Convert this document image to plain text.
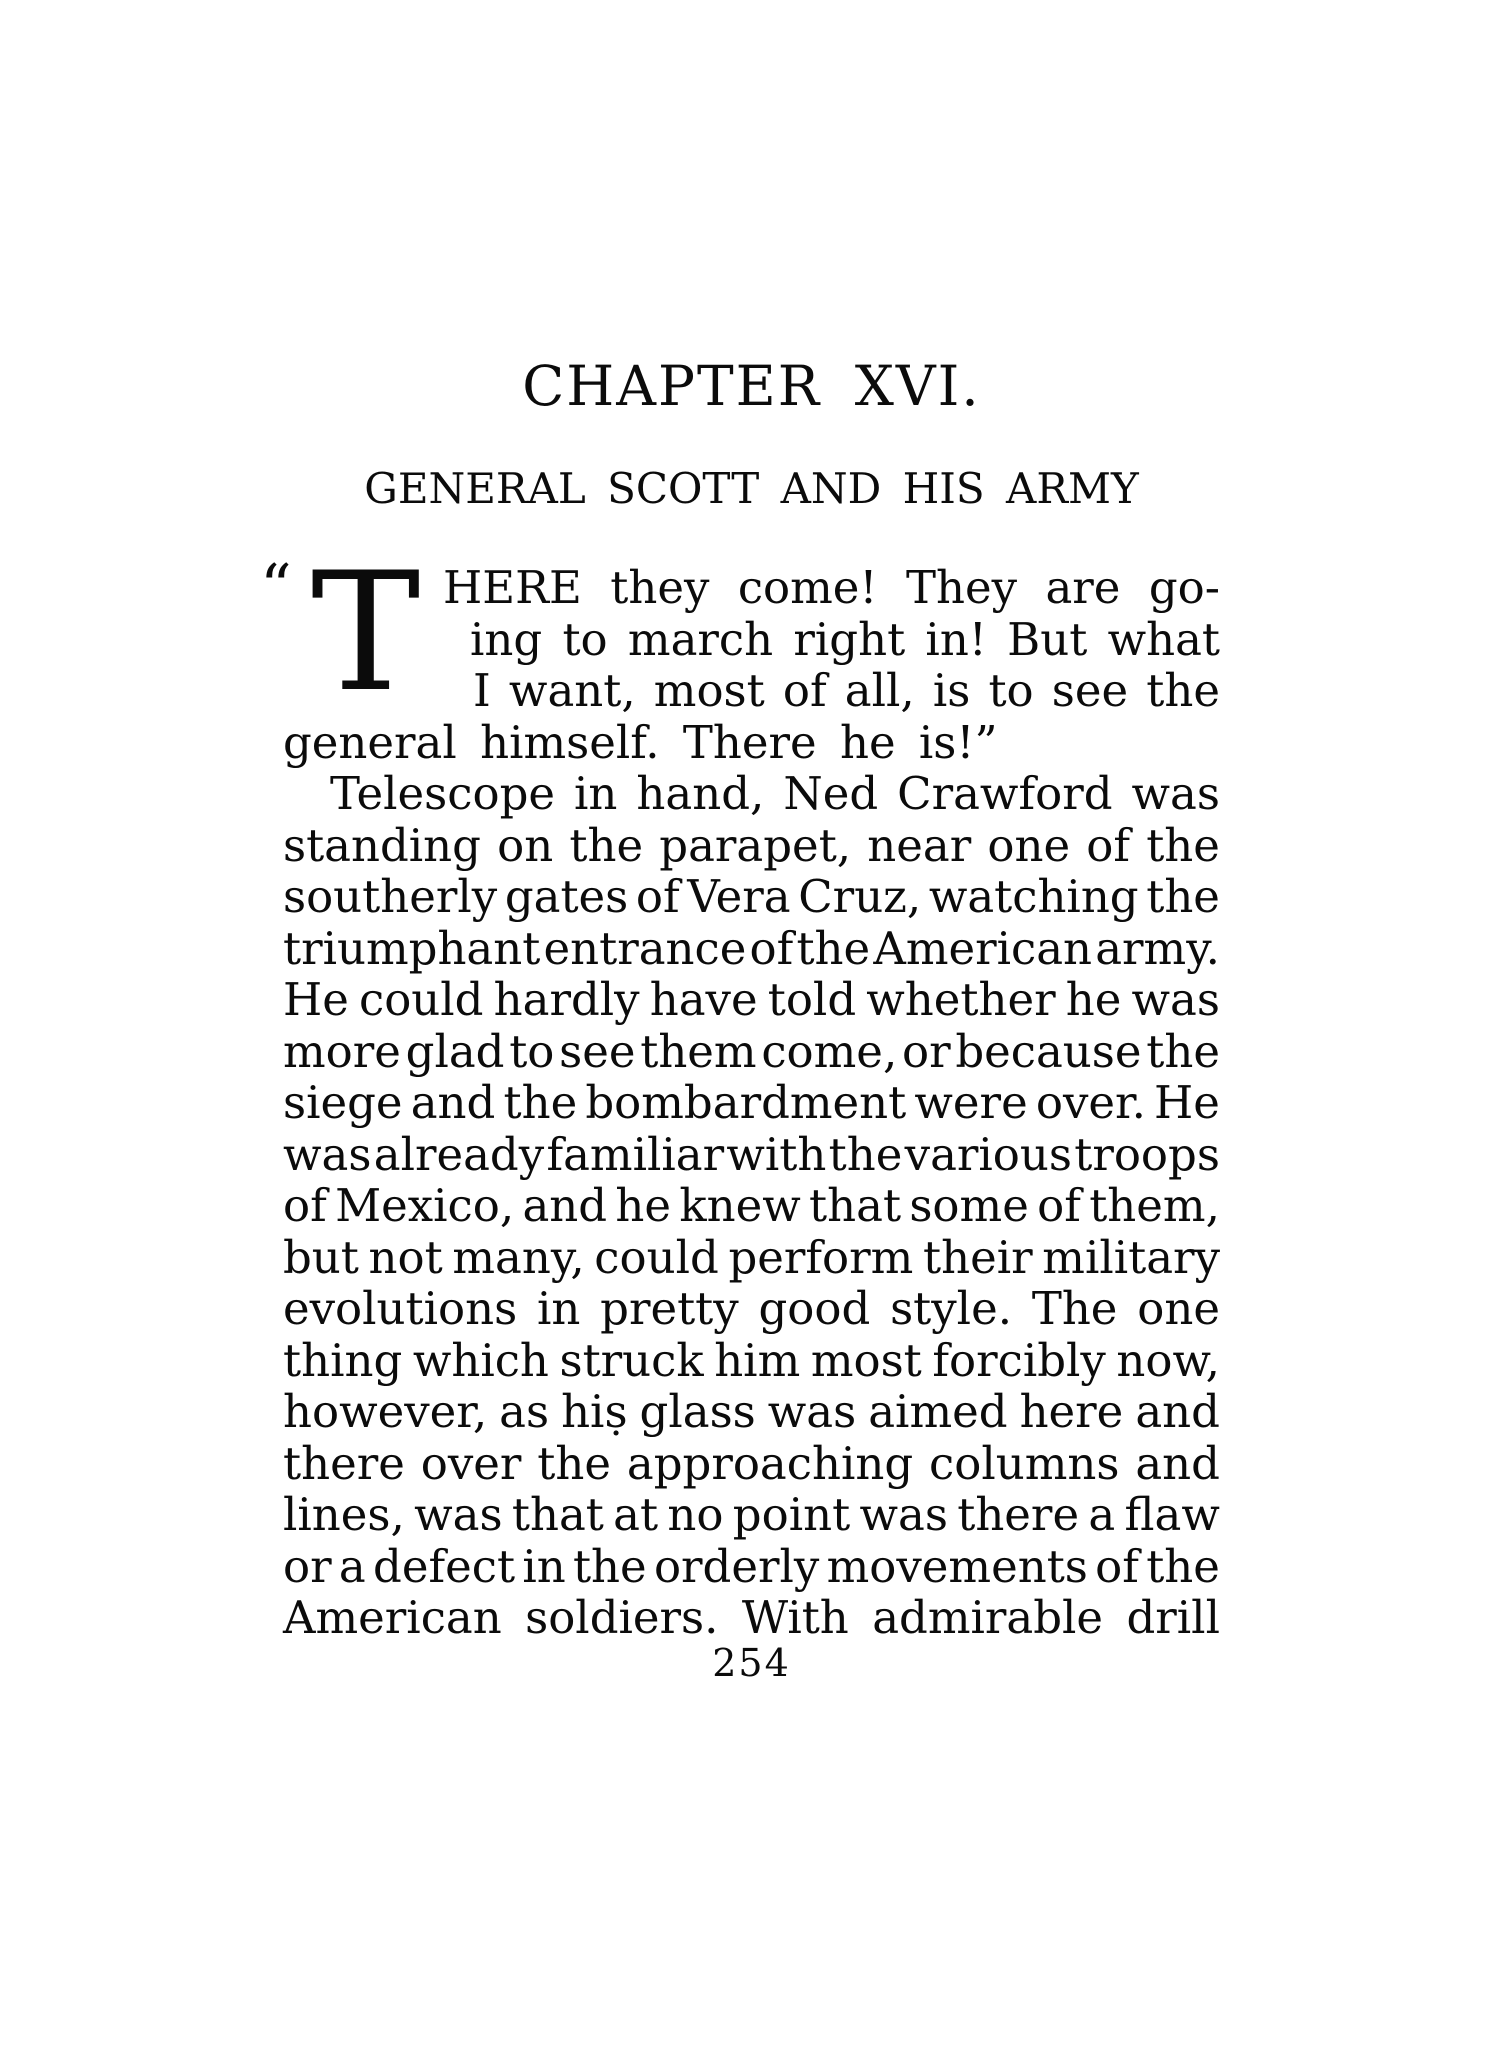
CHAPTER XVI.
GENERAL SCOTT AND HIS ARMY
“ T HERE they come! They are go-
ing to march right in! But what
I want, most of all, is to see the
general himself. There he is!”
Telescope in hand, Ned Crawford was
standing on the parapet, near one of the
southerly gates of Vera Cruz, watching the
triumphant entrance of the American army.
He could hardly have told whether he was
more glad to see them come, or because the
siege and the bombardment were over. He
was already familiar with the various troops
of Mexico, and he knew that some of them,
but not many, could perform their military
evolutions in pretty good style. The one
thing which struck him most forcibly now,
however, as hiṣ glass was aimed here and
there over the approaching columns and
lines, was that at no point was there a flaw
or a defect in the orderly movements of the
American soldiers. With admirable drill
254
